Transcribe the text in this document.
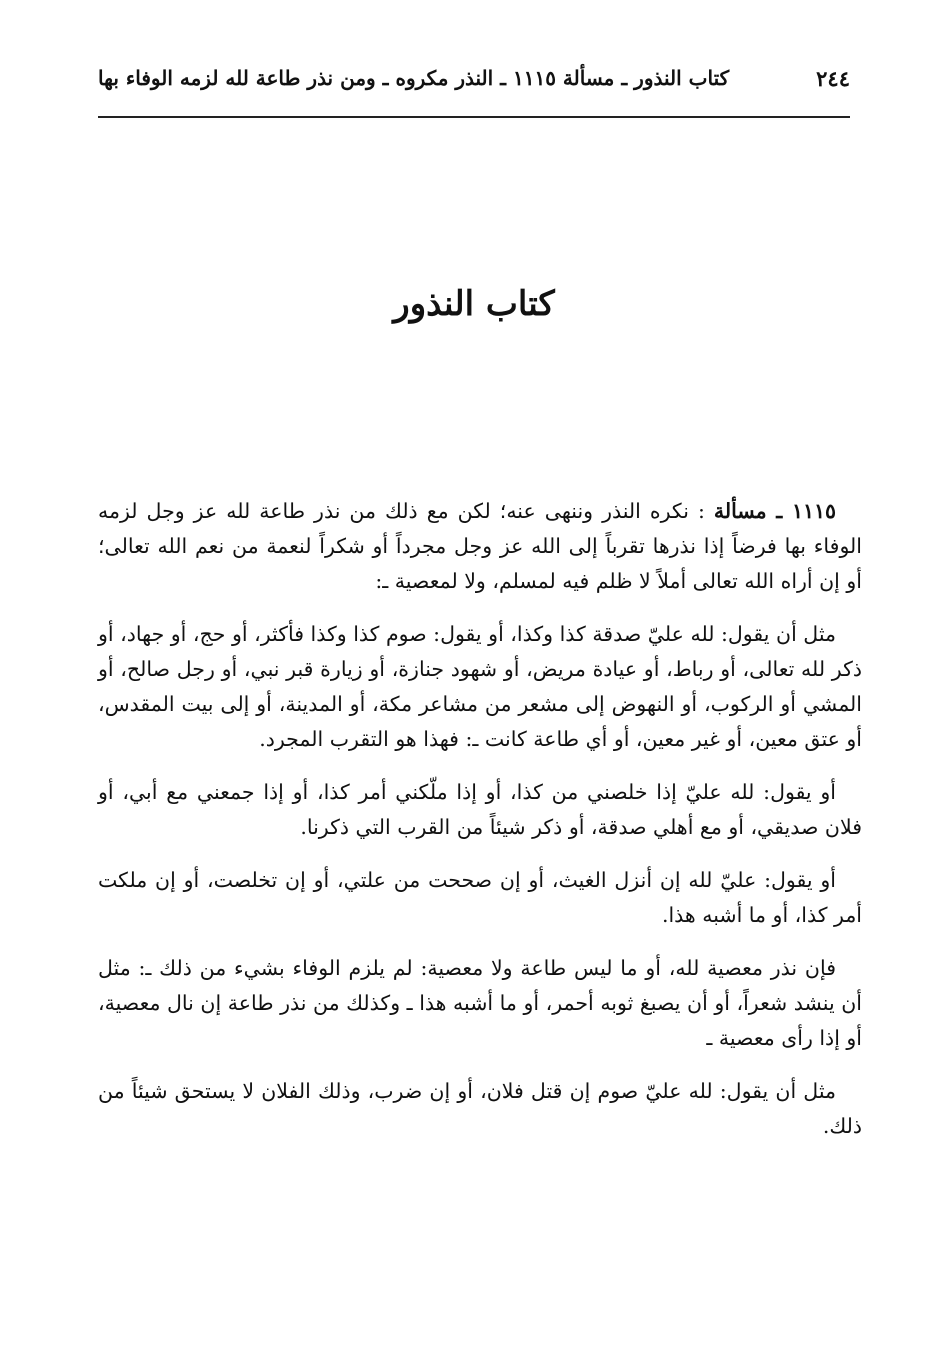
٢٤٤
كتاب النذور ـ مسألة ١١١٥ ـ النذر مكروه ـ ومن نذر طاعة لله لزمه الوفاء بها
كتاب النذور

١١١٥ ـ مسألة : نكره النذر وننهى عنه؛ لكن مع ذلك من نذر طاعة لله عز وجل لزمه الوفاء بها فرضاً إذا نذرها تقرباً إلى الله عز وجل مجرداً أو شكراً لنعمة من نعم الله تعالى؛ أو إن أراه الله تعالى أملاً لا ظلم فيه لمسلم، ولا لمعصية ـ:

مثل أن يقول: لله عليّ صدقة كذا وكذا، أو يقول: صوم كذا وكذا فأكثر، أو حج، أو جهاد، أو ذكر لله تعالى، أو رباط، أو عيادة مريض، أو شهود جنازة، أو زيارة قبر نبي، أو رجل صالح، أو المشي أو الركوب، أو النهوض إلى مشعر من مشاعر مكة، أو المدينة، أو إلى بيت المقدس، أو عتق معين، أو غير معين، أو أي طاعة كانت ـ: فهذا هو التقرب المجرد.

أو يقول: لله عليّ إذا خلصني من كذا، أو إذا ملّكني أمر كذا، أو إذا جمعني مع أبي، أو فلان صديقي، أو مع أهلي صدقة، أو ذكر شيئاً من القرب التي ذكرنا.

أو يقول: عليّ لله إن أنزل الغيث، أو إن صححت من علتي، أو إن تخلصت، أو إن ملكت أمر كذا، أو ما أشبه هذا.

فإن نذر معصية لله، أو ما ليس طاعة ولا معصية: لم يلزم الوفاء بشيء من ذلك ـ: مثل أن ينشد شعراً، أو أن يصبغ ثوبه أحمر، أو ما أشبه هذا ـ وكذلك من نذر طاعة إن نال معصية، أو إذا رأى معصية ـ

مثل أن يقول: لله عليّ صوم إن قتل فلان، أو إن ضرب، وذلك الفلان لا يستحق شيئاً من ذلك.
